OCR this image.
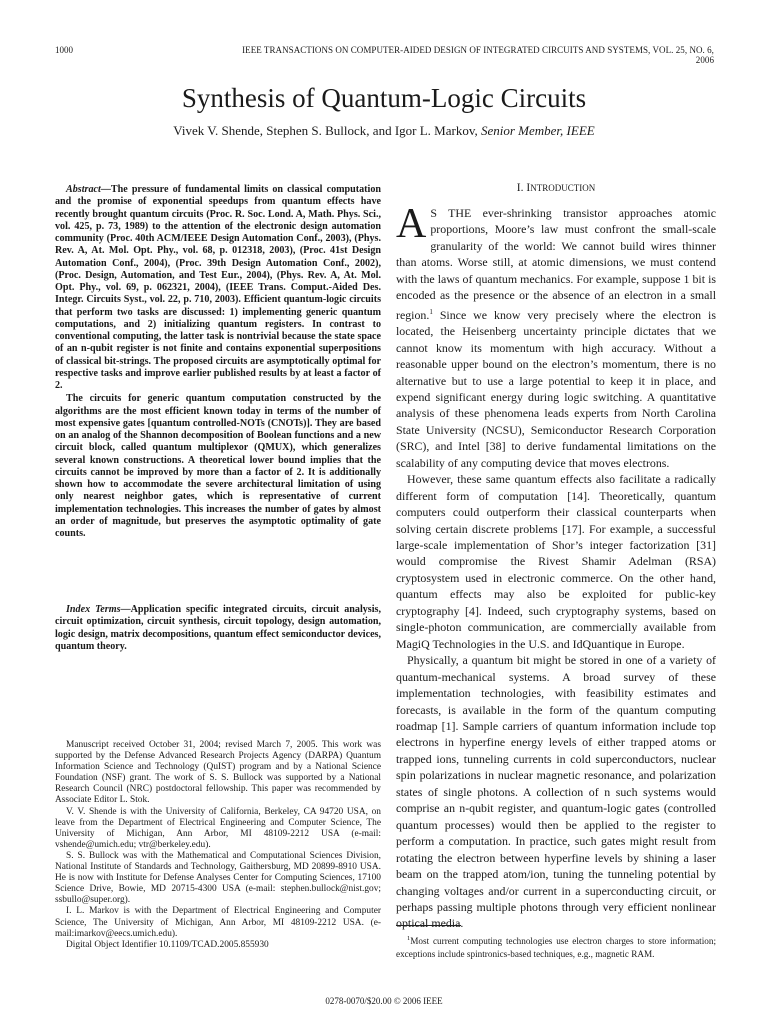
1000	IEEE TRANSACTIONS ON COMPUTER-AIDED DESIGN OF INTEGRATED CIRCUITS AND SYSTEMS, VOL. 25, NO. 6, 2006
Synthesis of Quantum-Logic Circuits
Vivek V. Shende, Stephen S. Bullock, and Igor L. Markov, Senior Member, IEEE

Abstract—The pressure of fundamental limits on classical computation and the promise of exponential speedups from quantum effects have recently brought quantum circuits (Proc. R. Soc. Lond. A, Math. Phys. Sci., vol. 425, p. 73, 1989) to the attention of the electronic design automation community (Proc. 40th ACM/IEEE Design Automation Conf., 2003), (Phys. Rev. A, At. Mol. Opt. Phy., vol. 68, p. 012318, 2003), (Proc. 41st Design Automation Conf., 2004), (Proc. 39th Design Automation Conf., 2002), (Proc. Design, Automation, and Test Eur., 2004), (Phys. Rev. A, At. Mol. Opt. Phy., vol. 69, p. 062321, 2004), (IEEE Trans. Comput.-Aided Des. Integr. Circuits Syst., vol. 22, p. 710, 2003). Efficient quantum-logic circuits that perform two tasks are discussed: 1) implementing generic quantum computations, and 2) initializing quantum registers. In contrast to conventional computing, the latter task is nontrivial because the state space of an n-qubit register is not finite and contains exponential superpositions of classical bit-strings. The proposed circuits are asymptotically optimal for respective tasks and improve earlier published results by at least a factor of 2.

The circuits for generic quantum computation constructed by the algorithms are the most efficient known today in terms of the number of most expensive gates [quantum controlled-NOTs (CNOTs)]. They are based on an analog of the Shannon decomposition of Boolean functions and a new circuit block, called quantum multiplexor (QMUX), which generalizes several known constructions. A theoretical lower bound implies that the circuits cannot be improved by more than a factor of 2. It is additionally shown how to accommodate the severe architectural limitation of using only nearest neighbor gates, which is representative of current implementation technologies. This increases the number of gates by almost an order of magnitude, but preserves the asymptotic optimality of gate counts.

Index Terms—Application specific integrated circuits, circuit analysis, circuit optimization, circuit synthesis, circuit topology, design automation, logic design, matrix decompositions, quantum effect semiconductor devices, quantum theory.

Manuscript received October 31, 2004; revised March 7, 2005. This work was supported by the Defense Advanced Research Projects Agency (DARPA) Quantum Information Science and Technology (QuIST) program and by a National Science Foundation (NSF) grant. The work of S. S. Bullock was supported by a National Research Council (NRC) postdoctoral fellowship. This paper was recommended by Associate Editor L. Stok.

V. V. Shende is with the University of California, Berkeley, CA 94720 USA, on leave from the Department of Electrical Engineering and Computer Science, The University of Michigan, Ann Arbor, MI 48109-2212 USA (e-mail: vshende@umich.edu; vtr@berkeley.edu).

S. S. Bullock was with the Mathematical and Computational Sciences Division, National Institute of Standards and Technology, Gaithersburg, MD 20899-8910 USA. He is now with Institute for Defense Analyses Center for Computing Sciences, 17100 Science Drive, Bowie, MD 20715-4300 USA (e-mail: stephen.bullock@nist.gov; ssbullo@super.org).

I. L. Markov is with the Department of Electrical Engineering and Computer Science, The University of Michigan, Ann Arbor, MI 48109-2212 USA. (e-mail:imarkov@eecs.umich.edu).

Digital Object Identifier 10.1109/TCAD.2005.855930

I. INTRODUCTION

A S THE ever-shrinking transistor approaches atomic proportions, Moore’s law must confront the small-scale granularity of the world: We cannot build wires thinner than atoms. Worse still, at atomic dimensions, we must contend with the laws of quantum mechanics. For example, suppose 1 bit is encoded as the presence or the absence of an electron in a small region.$^1$ Since we know very precisely where the electron is located, the Heisenberg uncertainty principle dictates that we cannot know its momentum with high accuracy. Without a reasonable upper bound on the electron’s momentum, there is no alternative but to use a large potential to keep it in place, and expend significant energy during logic switching. A quantitative analysis of these phenomena leads experts from North Carolina State University (NCSU), Semiconductor Research Corporation (SRC), and Intel [38] to derive fundamental limitations on the scalability of any computing device that moves electrons.

However, these same quantum effects also facilitate a radically different form of computation [14]. Theoretically, quantum computers could outperform their classical counterparts when solving certain discrete problems [17]. For example, a successful large-scale implementation of Shor’s integer factorization [31] would compromise the Rivest Shamir Adelman (RSA) cryptosystem used in electronic commerce. On the other hand, quantum effects may also be exploited for public-key cryptography [4]. Indeed, such cryptography systems, based on single-photon communication, are commercially available from MagiQ Technologies in the U.S. and IdQuantique in Europe.

Physically, a quantum bit might be stored in one of a variety of quantum-mechanical systems. A broad survey of these implementation technologies, with feasibility estimates and forecasts, is available in the form of the quantum computing roadmap [1]. Sample carriers of quantum information include top electrons in hyperfine energy levels of either trapped atoms or trapped ions, tunneling currents in cold superconductors, nuclear spin polarizations in nuclear magnetic resonance, and polarization states of single photons. A collection of n such systems would comprise an n-qubit register, and quantum-logic gates (controlled quantum processes) would then be applied to the register to perform a computation. In practice, such gates might result from rotating the electron between hyperfine levels by shining a laser beam on the trapped atom/ion, tuning the tunneling potential by changing voltages and/or current in a superconducting circuit, or perhaps passing multiple photons through very efficient nonlinear optical media.

$^1$Most current computing technologies use electron charges to store information; exceptions include spintronics-based techniques, e.g., magnetic RAM.
0278-0070/$20.00 © 2006 IEEE
